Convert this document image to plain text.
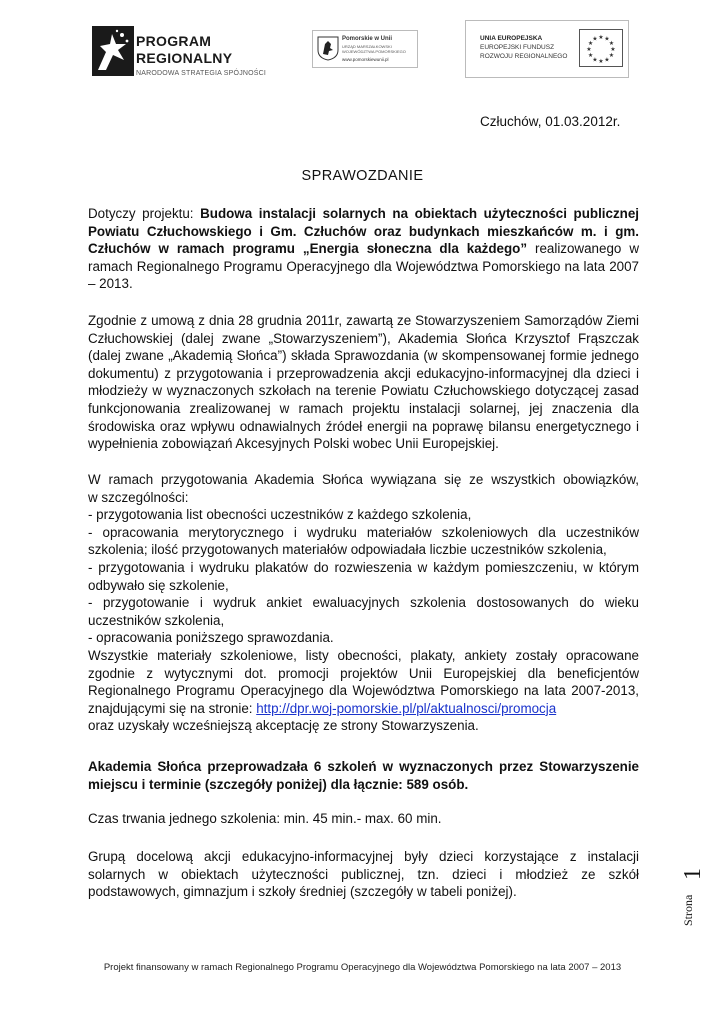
PROGRAM
REGIONALNY
NARODOWA STRATEGIA SPÓJNOŚCI
Pomorskie w Unii
URZĄD MARSZAŁKOWSKI WOJEWÓDZTWA POMORSKIEGO
www.pomorskiewunii.pl
UNIA EUROPEJSKA
EUROPEJSKI FUNDUSZ
ROZWOJU REGIONALNEGO
★ ★
★
★
★
★
★
★
★
★
★
★
Człuchów, 01.03.2012r.
SPRAWOZDANIE

Dotyczy projektu: Budowa instalacji solarnych na obiektach użyteczności publicznej Powiatu Człuchowskiego i Gm. Człuchów oraz budynkach mieszkańców m. i gm. Człuchów w ramach programu „Energia słoneczna dla każdego” realizowanego w ramach Regionalnego Programu Operacyjnego dla Województwa Pomorskiego na lata 2007 – 2013.

Zgodnie z umową z dnia 28 grudnia 2011r, zawartą ze Stowarzyszeniem Samorządów Ziemi Człuchowskiej (dalej zwane „Stowarzyszeniem”), Akademia Słońca Krzysztof Frąszczak (dalej zwane „Akademią Słońca”) składa Sprawozdania (w skompensowanej formie jednego dokumentu) z przygotowania i przeprowadzenia akcji edukacyjno-informacyjnej dla dzieci i młodzieży w wyznaczonych szkołach na terenie Powiatu Człuchowskiego dotyczącej zasad funkcjonowania zrealizowanej w ramach projektu instalacji solarnej, jej znaczenia dla środowiska oraz wpływu odnawialnych źródeł energii na poprawę bilansu energetycznego i wypełnienia zobowiązań Akcesyjnych Polski wobec Unii Europejskiej.

W ramach przygotowania Akademia Słońca wywiązana się ze wszystkich obowiązków,

w szczególności:

- przygotowania list obecności uczestników z każdego szkolenia,

- opracowania merytorycznego i wydruku materiałów szkoleniowych dla uczestników szkolenia; ilość przygotowanych materiałów odpowiadała liczbie uczestników szkolenia,

- przygotowania i wydruku plakatów do rozwieszenia w każdym pomieszczeniu, w którym odbywało się szkolenie,

- przygotowanie i wydruk ankiet ewaluacyjnych szkolenia dostosowanych do wieku uczestników szkolenia,

- opracowania poniższego sprawozdania.

Wszystkie materiały szkoleniowe, listy obecności, plakaty, ankiety zostały opracowane zgodnie z wytycznymi dot. promocji projektów Unii Europejskiej dla beneficjentów Regionalnego Programu Operacyjnego dla Województwa Pomorskiego na lata 2007-2013, znajdującymi się na stronie: http://dpr.woj-pomorskie.pl/pl/aktualnosci/promocja

oraz uzyskały wcześniejszą akceptację ze strony Stowarzyszenia.

Akademia Słońca przeprowadzała 6 szkoleń w wyznaczonych przez Stowarzyszenie miejscu i terminie (szczegóły poniżej) dla łącznie: 589 osób.

Czas trwania jednego szkolenia: min. 45 min.- max. 60 min.

Grupą docelową akcji edukacyjno-informacyjnej były dzieci korzystające z instalacji solarnych w obiektach użyteczności publicznej, tzn. dzieci i młodzież ze szkół podstawowych, gimnazjum i szkoły średniej (szczegóły w tabeli poniżej).

Strona
1
Projekt finansowany w ramach Regionalnego Programu Operacyjnego dla Województwa Pomorskiego na lata 2007 – 2013
